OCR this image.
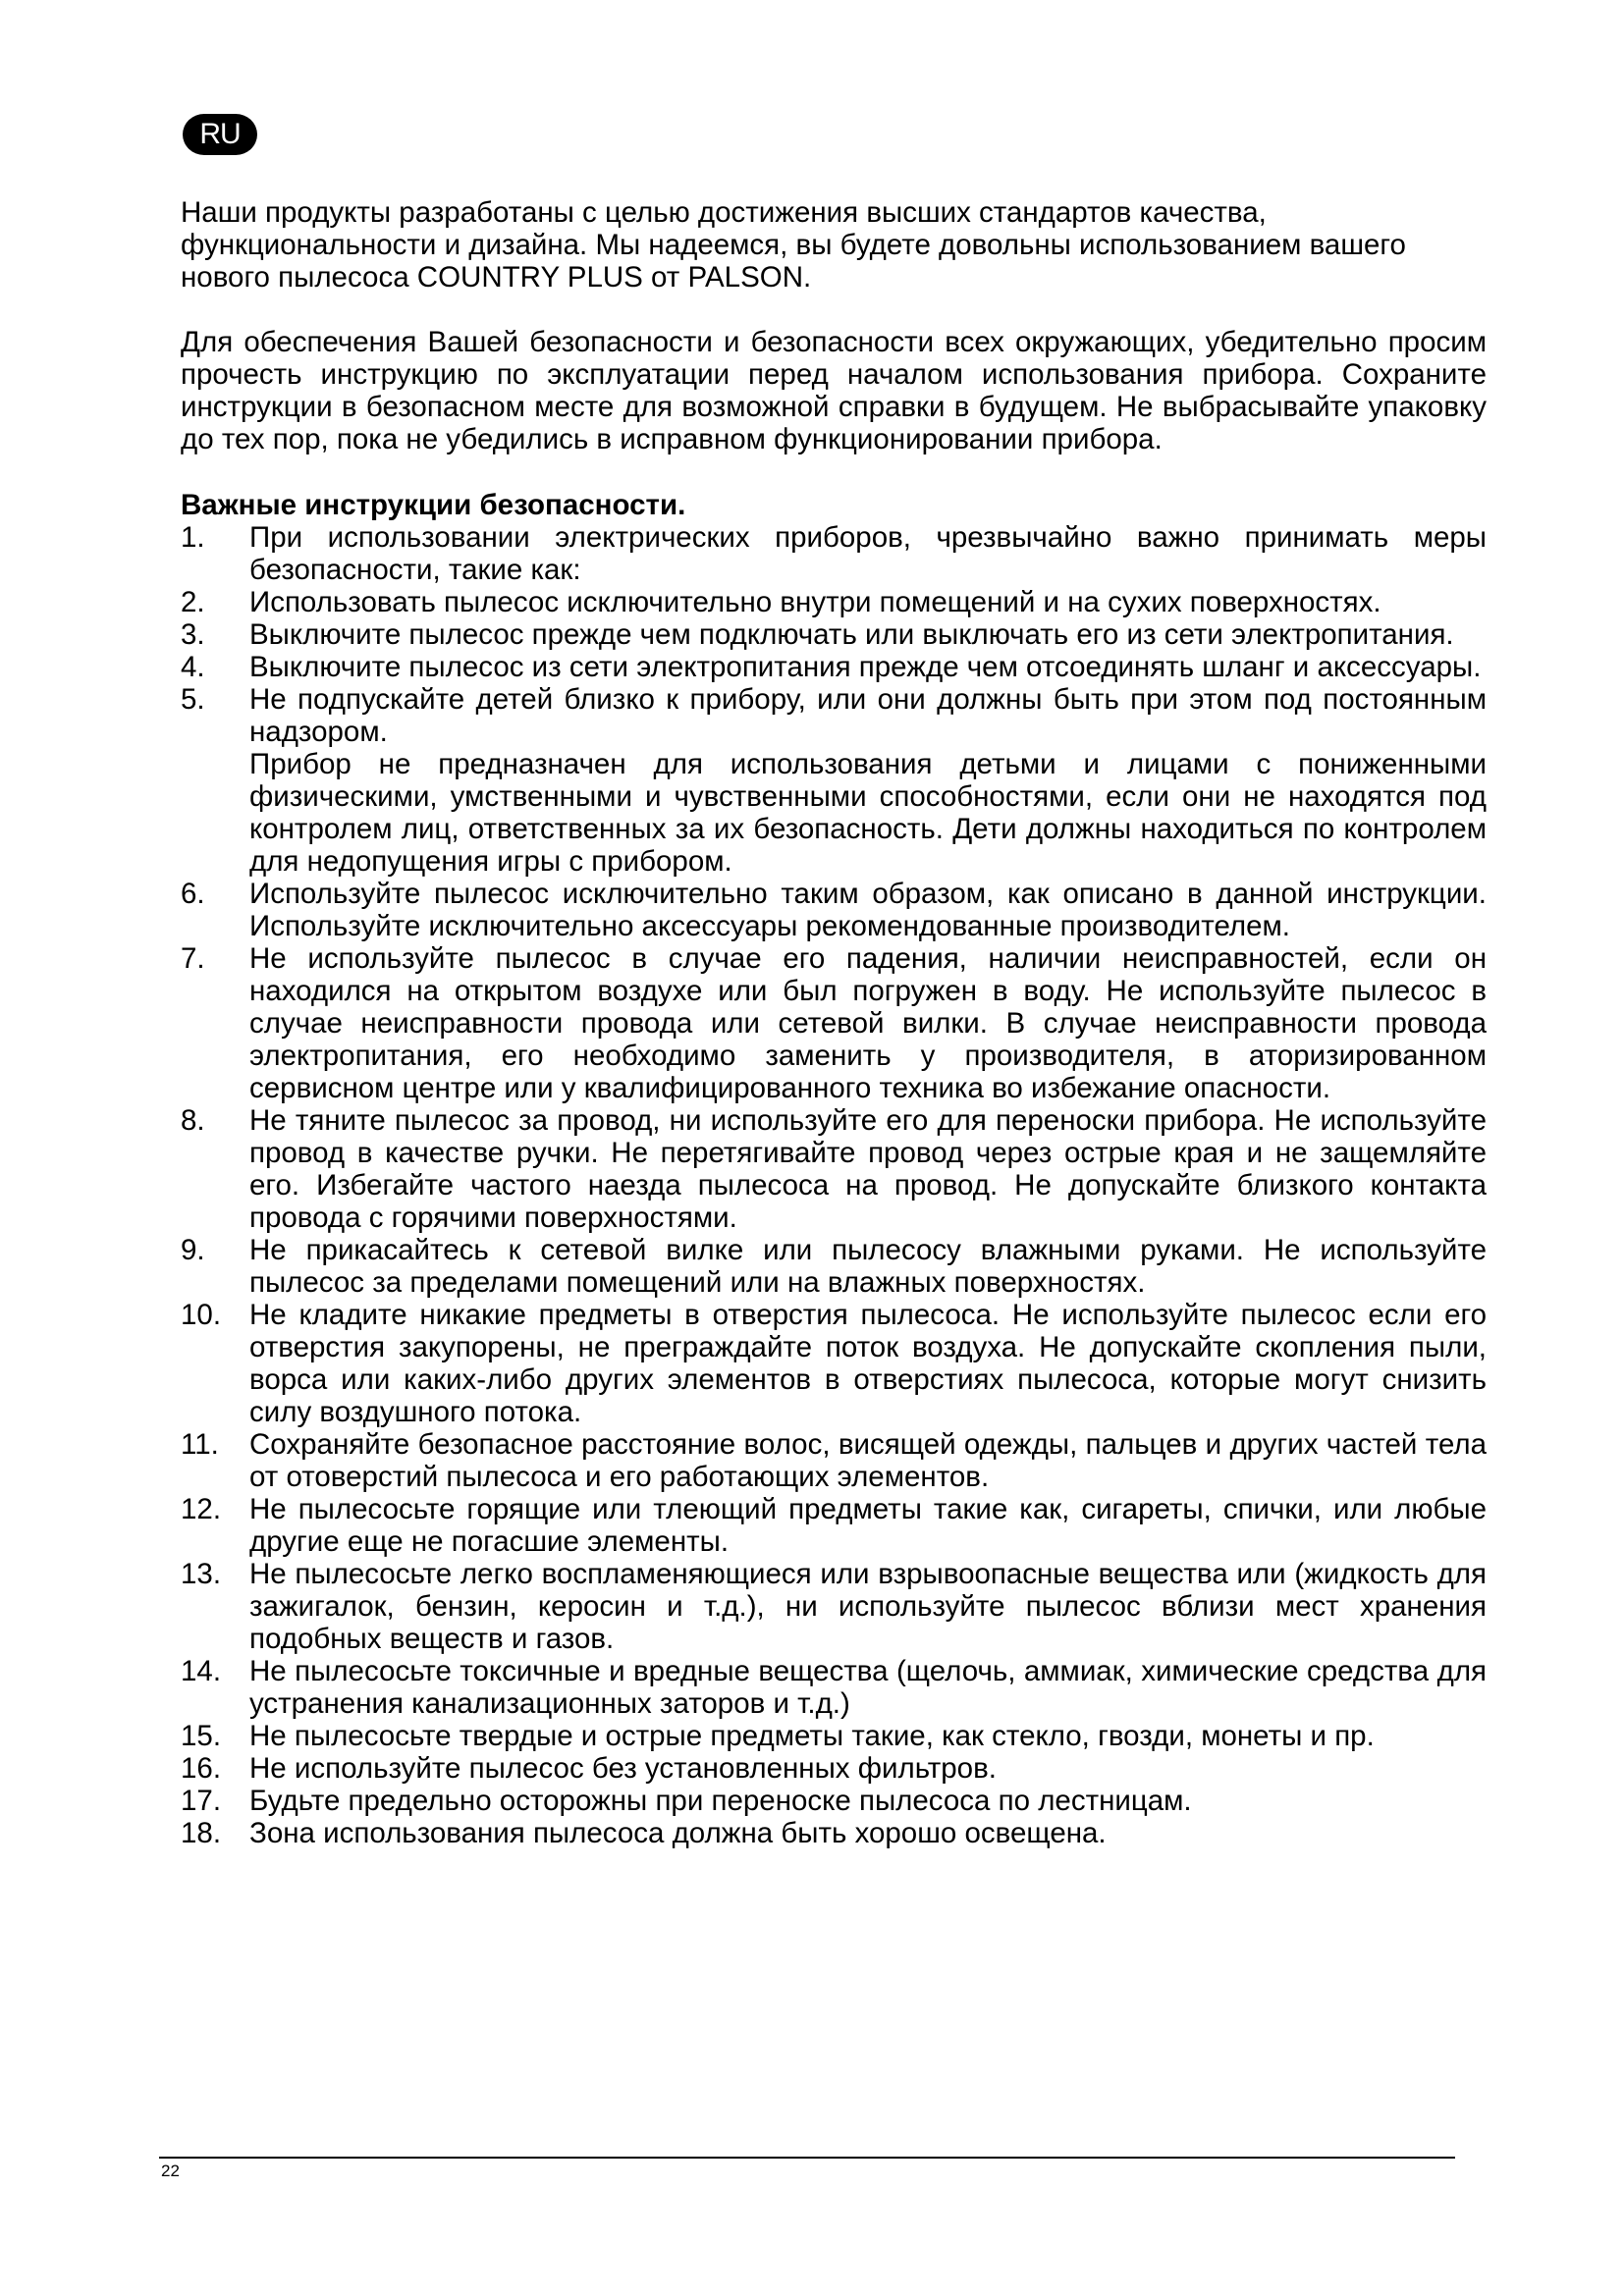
RU

Наши продукты разработаны с целью достижения высших стандартов качества, функциональности и дизайна. Мы надеемся, вы будете довольны использованием вашего нового пылесоса COUNTRY PLUS от PALSON.

Для обеспечения Вашей безопасности и безопасности всех окружающих, убедительно просим прочесть инструкцию по эксплуатации перед началом использования прибора. Сохраните инструкции в безопасном месте для возможной справки в будущем. Не выбрасывайте упаковку до тех пор, пока не убедились в исправном функционировании прибора.

Важные инструкции безопасности.

1. При использовании электрических приборов, чрезвычайно важно принимать меры безопасности, такие как:
2. Использовать пылесос исключительно внутри помещений и на сухих поверхностях.
3. Выключите пылесос прежде чем подключать или выключать его из сети электропитания.
4. Выключите пылесос из сети электропитания прежде чем отсоединять шланг и аксессуары.
5. Не подпускайте детей близко к прибору, или они должны быть при этом под постоянным надзором.
Прибор не предназначен для использования детьми и лицами с пониженными физическими, умственными и чувственными способностями, если они не находятся под контролем лиц, ответственных за их безопасность. Дети должны находиться по контролем для недопущения игры с прибором.
6. Используйте пылесос исключительно таким образом, как описано в данной инструкции. Используйте исключительно аксессуары рекомендованные производителем.
7. Не используйте пылесос в случае его падения, наличии неисправностей, если он находился на открытом воздухе или был погружен в воду. Не используйте пылесос в случае неисправности провода или сетевой вилки. В случае неисправности провода электропитания, его необходимо заменить у производителя, в аторизированном сервисном центре или у квалифицированного техника во избежание опасности.
8. Не тяните пылесос за провод, ни используйте его для переноски прибора. Не используйте провод в качестве ручки. Не перетягивайте провод через острые края и не защемляйте его. Избегайте частого наезда пылесоса на провод. Не допускайте близкого контакта провода с горячими поверхностями.
9. Не прикасайтесь к сетевой вилке или пылесосу влажными руками. Не используйте пылесос за пределами помещений или на влажных поверхностях.
10. Не кладите никакие предметы в отверстия пылесоса. Не используйте пылесос если его отверстия закупорены, не преграждайте поток воздуха. Не допускайте скопления пыли, ворса или каких-либо других элементов в отверстиях пылесоса, которые могут снизить силу воздушного потока.
11. Сохраняйте безопасное расстояние волос, висящей одежды, пальцев и других частей тела от отоверстий пылесоса и его работающих элементов.
12. Не пылесосьте горящие или тлеющий предметы такие как, сигареты, спички, или любые другие еще не погасшие элементы.
13. Не пылесосьте легко воспламеняющиеся или взрывоопасные вещества или (жидкость для зажигалок, бензин, керосин и т.д.), ни используйте пылесос вблизи мест хранения подобных веществ и газов.
14. Не пылесосьте токсичные и вредные вещества (щелочь, аммиак, химические средства для устранения канализационных заторов и т.д.)
15. Не пылесосьте твердые и острые предметы такие, как стекло, гвозди, монеты и пр.
16. Не используйте пылесос без установленных фильтров.
17. Будьте предельно осторожны при переноске пылесоса по лестницам.
18. Зона использования пылесоса должна быть хорошо освещена.
22
